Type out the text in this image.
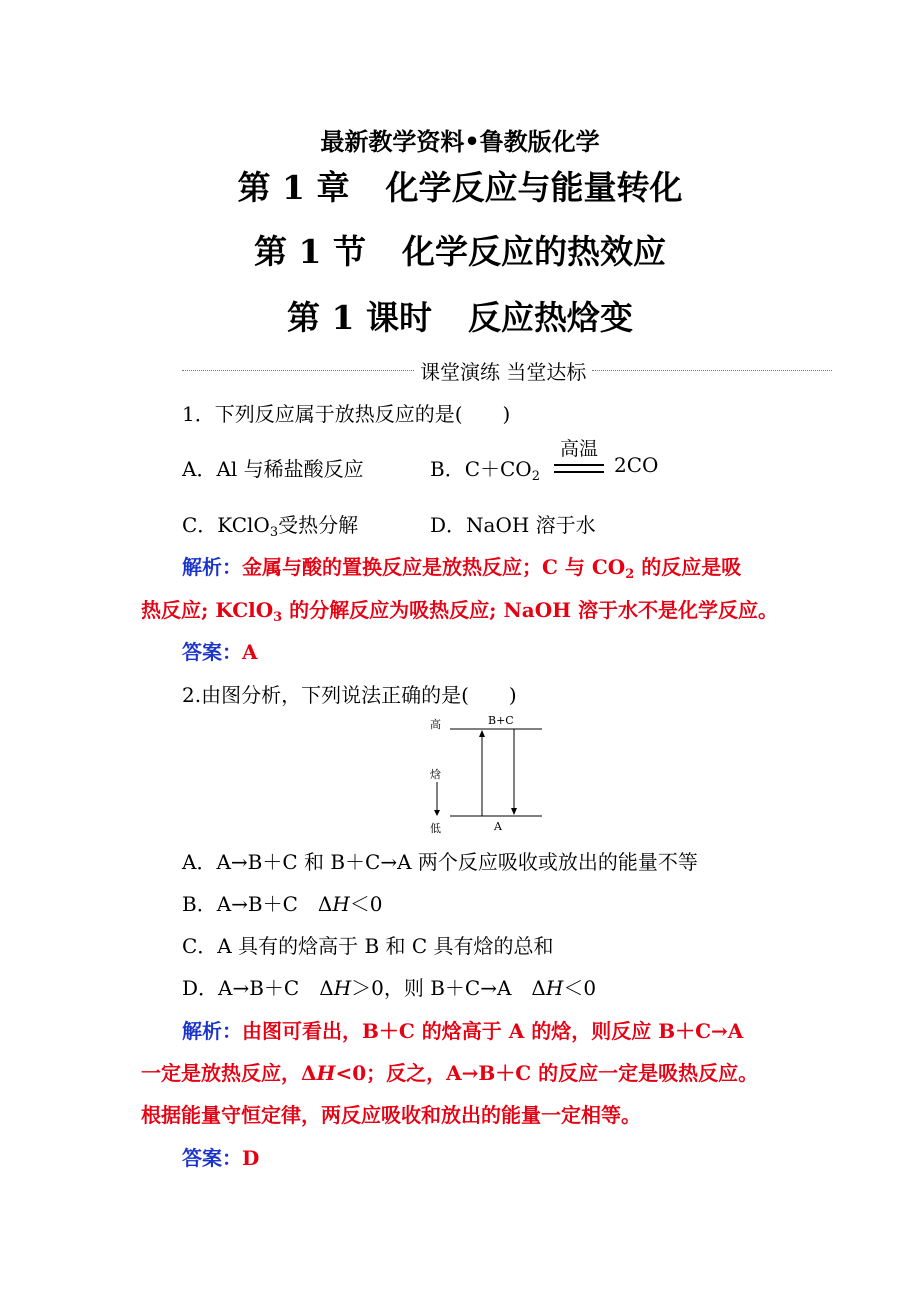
最新教学资料•鲁教版化学
第 1 章 化学反应与能量转化
第 1 节 化学反应的热效应
第 1 课时 反应热焓变
课堂演练 当堂达标
1．下列反应属于放热反应的是(　　)
A．Al 与稀盐酸反应	B．$C+CO_2$
高温
2CO
C．KClO$_3$受热分解	D．NaOH 溶于水
解析：金属与酸的置换反应是放热反应；C 与 $CO_2$ 的反应是吸
热反应; KClO$_3$ 的分解反应为吸热反应; NaOH 溶于水不是化学反应。
答案：A
2.由图分析，下列说法正确的是(　　)
高
焓
低
B+C
A
A．A→B＋C 和 B＋C→A 两个反应吸收或放出的能量不等
B．A→B＋C　ΔH＜0
C．A 具有的焓高于 B 和 C 具有焓的总和
D．A→B＋C　ΔH＞0，则 B＋C→A　ΔH＜0
解析：由图可看出，B＋C 的焓高于 A 的焓，则反应 B＋C→A
一定是放热反应，ΔH<0；反之，A→B＋C 的反应一定是吸热反应。
根据能量守恒定律，两反应吸收和放出的能量一定相等。
答案：D
